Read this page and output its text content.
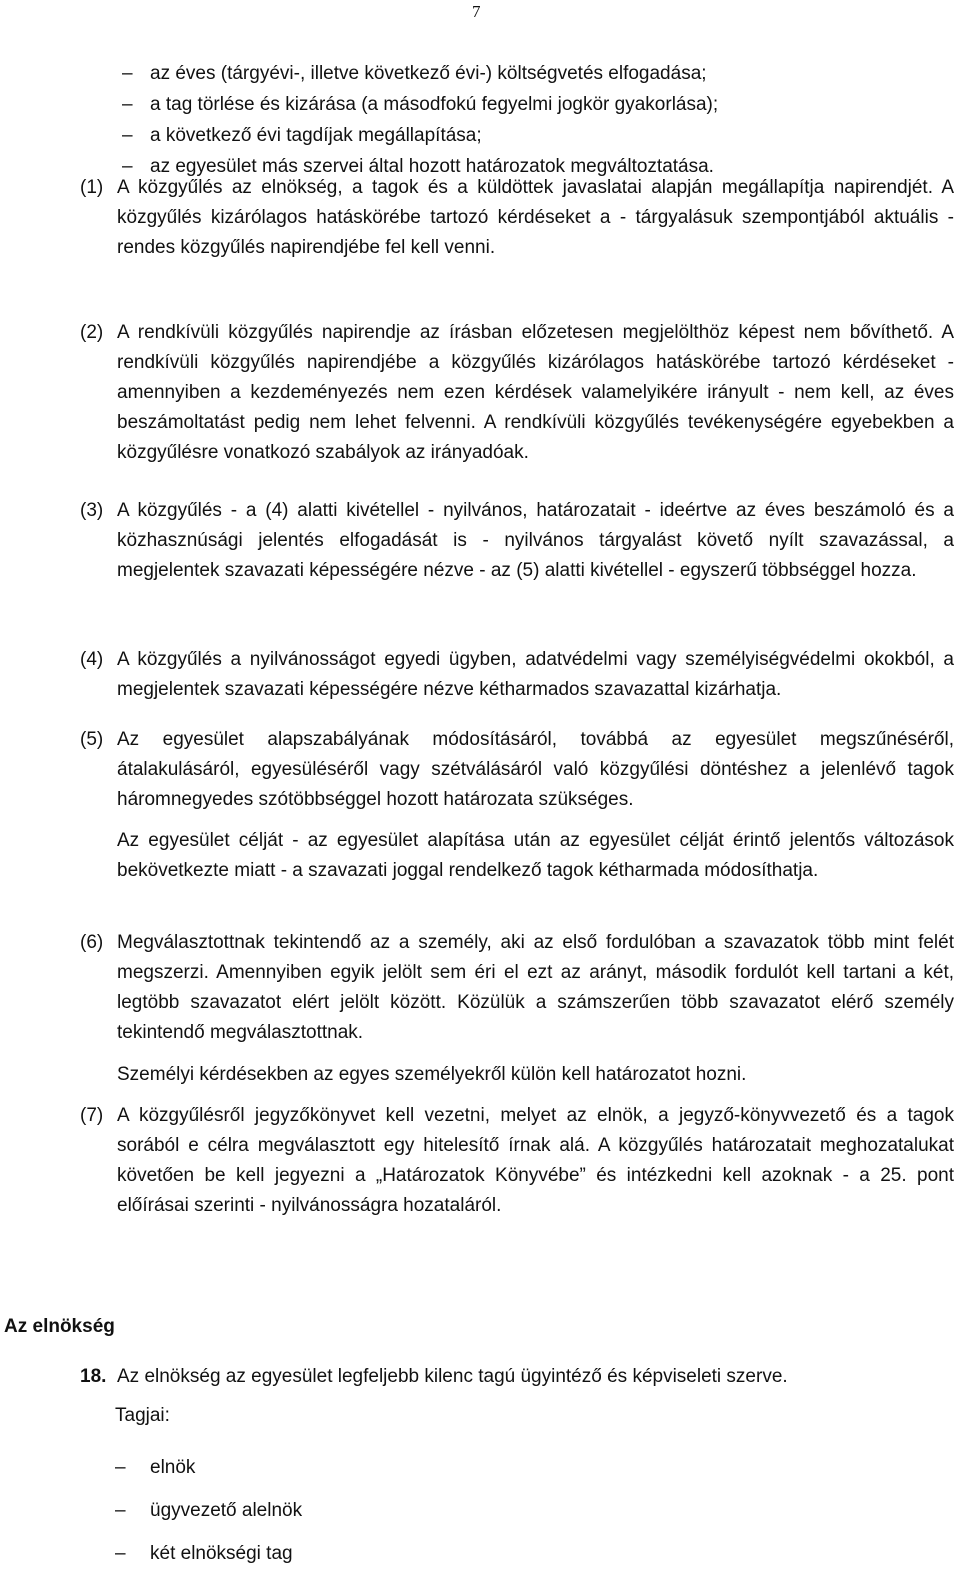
7
– az éves (tárgyévi-, illetve következő évi-) költségvetés elfogadása;
– a tag törlése és kizárása (a másodfokú fegyelmi jogkör gyakorlása);
– a következő évi tagdíjak megállapítása;
– az egyesület más szervei által hozott határozatok megváltoztatása.
(1) A közgyűlés az elnökség, a tagok és a küldöttek javaslatai alapján megállapítja napirendjét. A közgyűlés kizárólagos hatáskörébe tartozó kérdéseket a - tárgyalásuk szempontjából aktuális - rendes közgyűlés napirendjébe fel kell venni.
(2) A rendkívüli közgyűlés napirendje az írásban előzetesen megjelölthöz képest nem bővíthető. A rendkívüli közgyűlés napirendjébe a közgyűlés kizárólagos hatáskörébe tartozó kérdéseket - amennyiben a kezdeményezés nem ezen kérdések valamelyikére irányult - nem kell, az éves beszámoltatást pedig nem lehet felvenni. A rendkívüli közgyűlés tevékenységére egyebekben a közgyűlésre vonatkozó szabályok az irányadóak.
(3) A közgyűlés - a (4) alatti kivétellel - nyilvános, határozatait - ideértve az éves beszámoló és a közhasznúsági jelentés elfogadását is - nyilvános tárgyalást követő nyílt szavazással, a megjelentek szavazati képességére nézve - az (5) alatti kivétellel - egyszerű többséggel hozza.
(4) A közgyűlés a nyilvánosságot egyedi ügyben, adatvédelmi vagy személyiségvédelmi okokból, a megjelentek szavazati képességére nézve kétharmados szavazattal kizárhatja.
(5) Az egyesület alapszabályának módosításáról, továbbá az egyesület megszűnéséről, átalakulásáról, egyesüléséről vagy szétválásáról való közgyűlési döntéshez a jelenlévő tagok háromnegyedes szótöbbséggel hozott határozata szükséges.
Az egyesület célját - az egyesület alapítása után az egyesület célját érintő jelentős változások bekövetkezte miatt - a szavazati joggal rendelkező tagok kétharmada módosíthatja.
(6) Megválasztottnak tekintendő az a személy, aki az első fordulóban a szavazatok több mint felét megszerzi. Amennyiben egyik jelölt sem éri el ezt az arányt, második fordulót kell tartani a két, legtöbb szavazatot elért jelölt között. Közülük a számszerűen több szavazatot elérő személy tekintendő megválasztottnak.
Személyi kérdésekben az egyes személyekről külön kell határozatot hozni.
(7) A közgyűlésről jegyzőkönyvet kell vezetni, melyet az elnök, a jegyző-könyvvezető és a tagok sorából e célra megválasztott egy hitelesítő írnak alá. A közgyűlés határozatait meghozatalukat követően be kell jegyezni a „Határozatok Könyvébe” és intézkedni kell azoknak - a 25. pont előírásai szerinti - nyilvánosságra hozataláról.
Az elnökség
18. Az elnökség az egyesület legfeljebb kilenc tagú ügyintéző és képviseleti szerve.
Tagjai:
–	elnök
–	ügyvezető alelnök
–	két elnökségi tag
